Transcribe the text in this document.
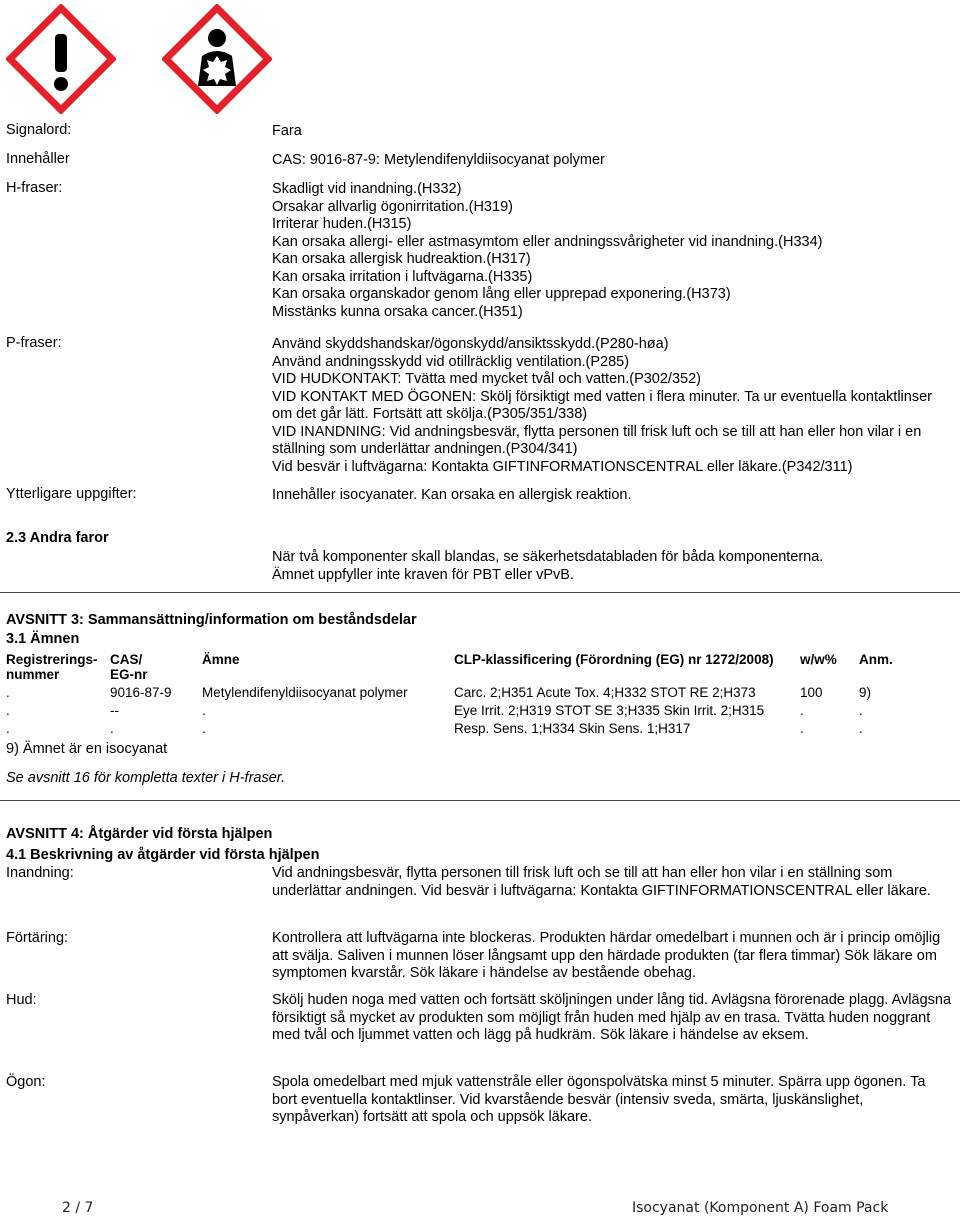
Signalord:	Fara
Innehåller	CAS: 9016-87-9: Metylendifenyldiisocyanat polymer
H-fraser:	Skadligt vid inandning.(H332)
Orsakar allvarlig ögonirritation.(H319)
Irriterar huden.(H315)
Kan orsaka allergi- eller astmasymtom eller andningssvårigheter vid inandning.(H334)
Kan orsaka allergisk hudreaktion.(H317)
Kan orsaka irritation i luftvägarna.(H335)
Kan orsaka organskador genom lång eller upprepad exponering.(H373)
Misstänks kunna orsaka cancer.(H351)
P-fraser:	Använd skyddshandskar/ögonskydd/ansiktsskydd.(P280-høa)
Använd andningsskydd vid otillräcklig ventilation.(P285)
VID HUDKONTAKT: Tvätta med mycket tvål och vatten.(P302/352)
VID KONTAKT MED ÖGONEN: Skölj försiktigt med vatten i flera minuter. Ta ur eventuella kontaktlinser om det går lätt. Fortsätt att skölja.(P305/351/338)
VID INANDNING: Vid andningsbesvär, flytta personen till frisk luft och se till att han eller hon vilar i en ställning som underlättar andningen.(P304/341)
Vid besvär i luftvägarna: Kontakta GIFTINFORMATIONSCENTRAL eller läkare.(P342/311)
Ytterligare uppgifter:	Innehåller isocyanater. Kan orsaka en allergisk reaktion.
2.3 Andra faror
När två komponenter skall blandas, se säkerhetsdatabladen för båda komponenterna.
Ämnet uppfyller inte kraven för PBT eller vPvB.
AVSNITT 3: Sammansättning/information om beståndsdelar
3.1 Ämnen
Registrerings-
nummer	CAS/
EG-nr	Ämne	CLP-klassificering (Förordning (EG) nr 1272/2008)	w/w%	Anm.
.	9016-87-9	Metylendifenyldiisocyanat polymer	Carc. 2;H351 Acute Tox. 4;H332 STOT RE 2;H373	100	9)
.	--	.	Eye Irrit. 2;H319 STOT SE 3;H335 Skin Irrit. 2;H315	.	.
.	.	.	Resp. Sens. 1;H334 Skin Sens. 1;H317	.	.
9) Ämnet är en isocyanat
Se avsnitt 16 för kompletta texter i H-fraser.
AVSNITT 4: Åtgärder vid första hjälpen
4.1 Beskrivning av åtgärder vid första hjälpen
Inandning:	Vid andningsbesvär, flytta personen till frisk luft och se till att han eller hon vilar i en ställning som underlättar andningen. Vid besvär i luftvägarna: Kontakta GIFTINFORMATIONSCENTRAL eller läkare.
Förtäring:	Kontrollera att luftvägarna inte blockeras. Produkten härdar omedelbart i munnen och är i princip omöjlig att svälja. Saliven i munnen löser långsamt upp den härdade produkten (tar flera timmar) Sök läkare om symptomen kvarstår. Sök läkare i händelse av bestående obehag.
Hud:	Skölj huden noga med vatten och fortsätt sköljningen under lång tid. Avlägsna förorenade plagg. Avlägsna försiktigt så mycket av produkten som möjligt från huden med hjälp av en trasa. Tvätta huden noggrant med tvål och ljummet vatten och lägg på hudkräm. Sök läkare i händelse av eksem.
Ögon:	Spola omedelbart med mjuk vattenstråle eller ögonspolvätska minst 5 minuter. Spärra upp ögonen. Ta bort eventuella kontaktlinser. Vid kvarstående besvär (intensiv sveda, smärta, ljuskänslighet, synpåverkan) fortsätt att spola och uppsök läkare.
2 / 7	Isocyanat (Komponent A) Foam Pack
